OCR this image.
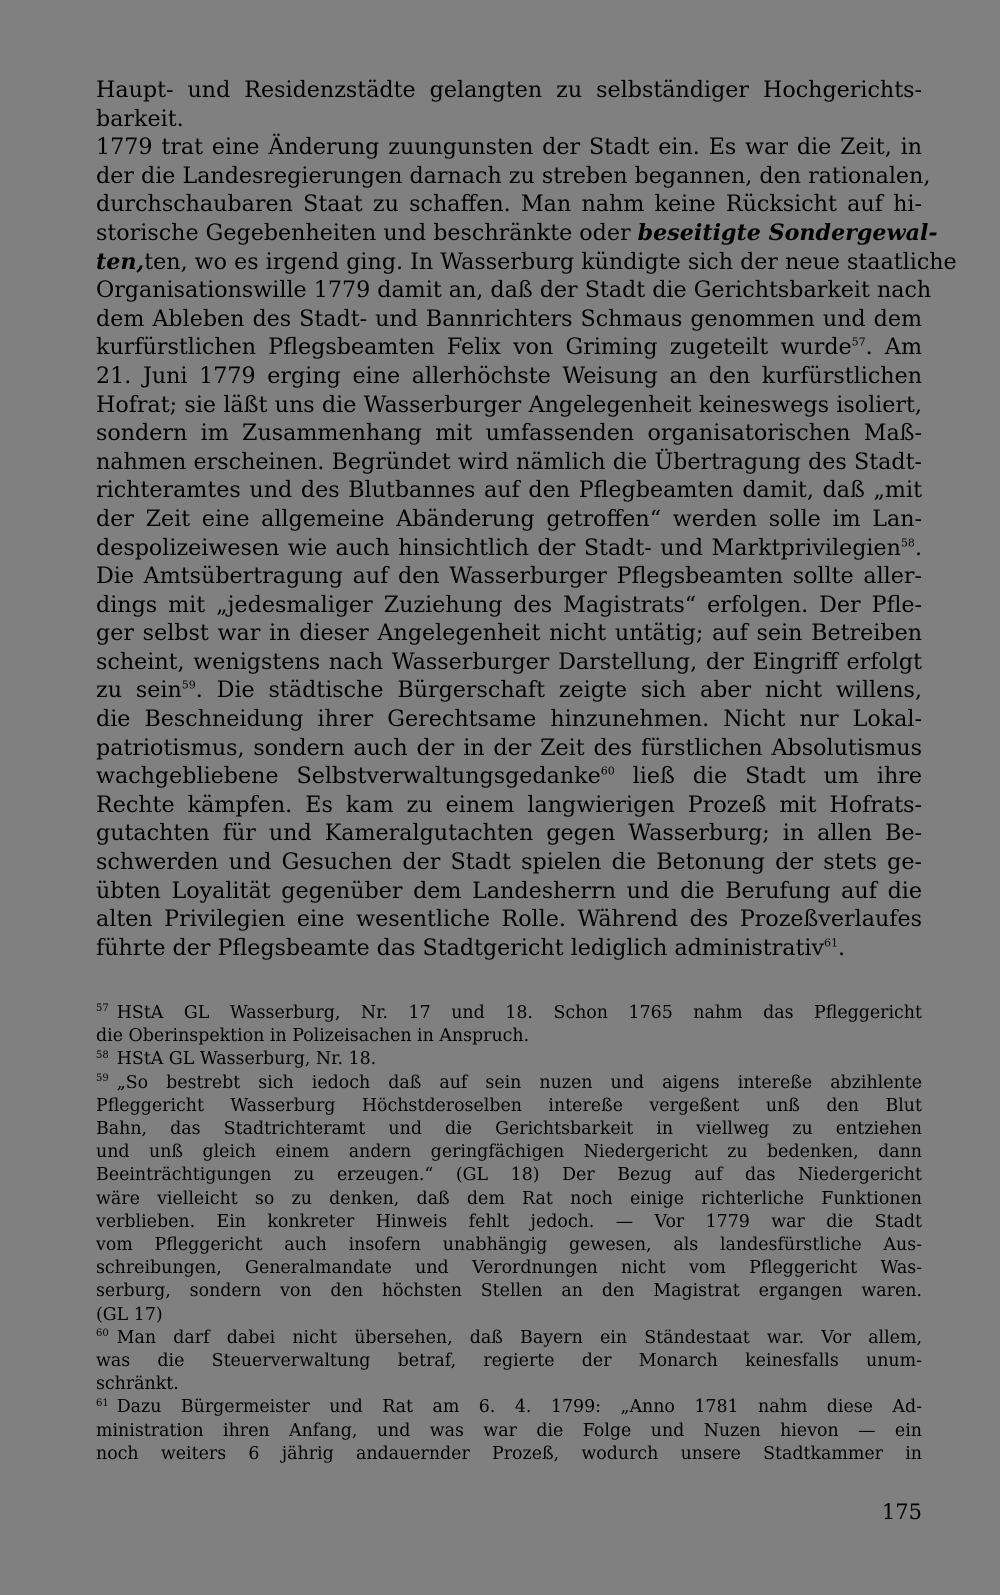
Haupt- und Residenzstädte gelangten zu selbständiger Hochgerichts-
barkeit.
1779 trat eine Änderung zuungunsten der Stadt ein. Es war die Zeit, in
der die Landesregierungen darnach zu streben begannen, den rationalen,
durchschaubaren Staat zu schaffen. Man nahm keine Rücksicht auf hi-
storische Gegebenheiten und beschränkte oder beseitigte Sondergewal-
ten,ten, wo es irgend ging. In Wasserburg kündigte sich der neue staatliche
Organisationswille 1779 damit an, daß der Stadt die Gerichtsbarkeit nach
dem Ableben des Stadt- und Bannrichters Schmaus genommen und dem
kurfürstlichen Pflegsbeamten Felix von Griming zugeteilt wurde$^{57}$. Am
21. Juni 1779 erging eine allerhöchste Weisung an den kurfürstlichen
Hofrat; sie läßt uns die Wasserburger Angelegenheit keineswegs isoliert,
sondern im Zusammenhang mit umfassenden organisatorischen Maß-
nahmen erscheinen. Begründet wird nämlich die Übertragung des Stadt-
richteramtes und des Blutbannes auf den Pflegbeamten damit, daß „mit
der Zeit eine allgemeine Abänderung getroffen“ werden solle im Lan-
despolizeiwesen wie auch hinsichtlich der Stadt- und Marktprivilegien$^{58}$.
Die Amtsübertragung auf den Wasserburger Pflegsbeamten sollte aller-
dings mit „jedesmaliger Zuziehung des Magistrats“ erfolgen. Der Pfle-
ger selbst war in dieser Angelegenheit nicht untätig; auf sein Betreiben
scheint, wenigstens nach Wasserburger Darstellung, der Eingriff erfolgt
zu sein$^{59}$. Die städtische Bürgerschaft zeigte sich aber nicht willens,
die Beschneidung ihrer Gerechtsame hinzunehmen. Nicht nur Lokal-
patriotismus, sondern auch der in der Zeit des fürstlichen Absolutismus
wachgebliebene Selbstverwaltungsgedanke$^{60}$ ließ die Stadt um ihre
Rechte kämpfen. Es kam zu einem langwierigen Prozeß mit Hofrats-
gutachten für und Kameralgutachten gegen Wasserburg; in allen Be-
schwerden und Gesuchen der Stadt spielen die Betonung der stets ge-
übten Loyalität gegenüber dem Landesherrn und die Berufung auf die
alten Privilegien eine wesentliche Rolle. Während des Prozeßverlaufes
führte der Pflegsbeamte das Stadtgericht lediglich administrativ$^{61}$.
$^{57}$ HStA GL Wasserburg, Nr. 17 und 18. Schon 1765 nahm das Pfleggericht
die Oberinspektion in Polizeisachen in Anspruch.
$^{58}$ HStA GL Wasserburg, Nr. 18.
$^{59}$ „So bestrebt sich iedoch daß auf sein nuzen und aigens intereße abzihlente
Pfleggericht Wasserburg Höchstderoselben intereße vergeßent unß den Blut
Bahn, das Stadtrichteramt und die Gerichtsbarkeit in viellweg zu entziehen
und unß gleich einem andern geringfächigen Niedergericht zu bedenken, dann
Beeinträchtigungen zu erzeugen.“ (GL 18) Der Bezug auf das Niedergericht
wäre vielleicht so zu denken, daß dem Rat noch einige richterliche Funktionen
verblieben. Ein konkreter Hinweis fehlt jedoch. — Vor 1779 war die Stadt
vom Pfleggericht auch insofern unabhängig gewesen, als landesfürstliche Aus-
schreibungen, Generalmandate und Verordnungen nicht vom Pfleggericht Was-
serburg, sondern von den höchsten Stellen an den Magistrat ergangen waren.
(GL 17)
$^{60}$ Man darf dabei nicht übersehen, daß Bayern ein Ständestaat war. Vor allem,
was die Steuerverwaltung betraf, regierte der Monarch keinesfalls unum-
schränkt.
$^{61}$ Dazu Bürgermeister und Rat am 6. 4. 1799: „Anno 1781 nahm diese Ad-
ministration ihren Anfang, und was war die Folge und Nuzen hievon — ein
noch weiters 6 jährig andauernder Prozeß, wodurch unsere Stadtkammer in
175
